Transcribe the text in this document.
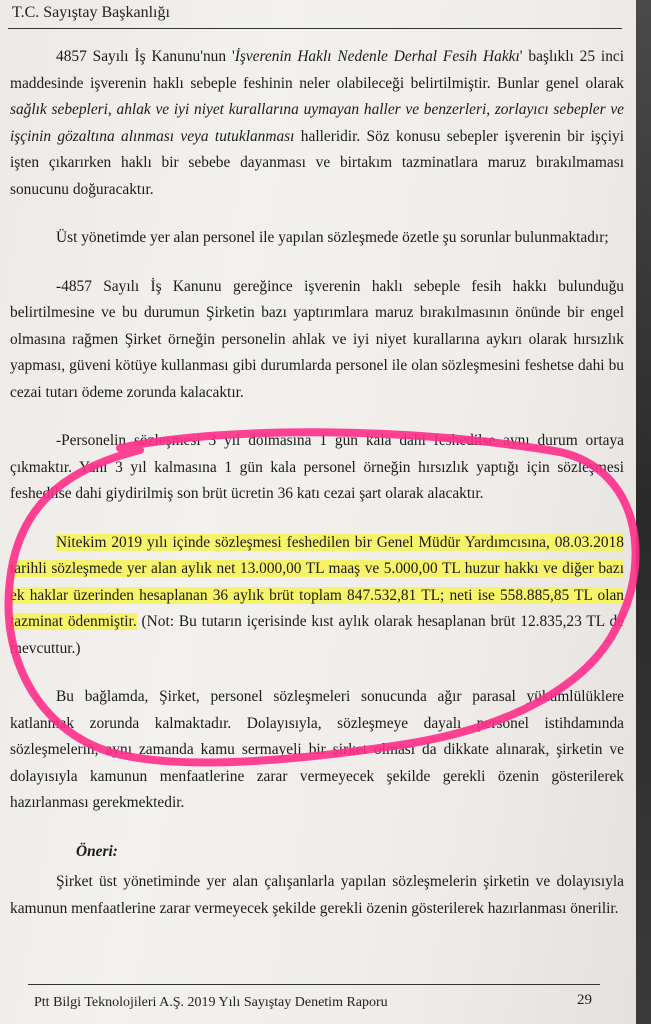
T.C. Sayıştay Başkanlığı

4857 Sayılı İş Kanunu'nun 'İşverenin Haklı Nedenle Derhal Fesih Hakkı' başlıklı 25 inci maddesinde işverenin haklı sebeple feshinin neler olabileceği belirtilmiştir. Bunlar genel olarak sağlık sebepleri, ahlak ve iyi niyet kurallarına uymayan haller ve benzerleri, zorlayıcı sebepler ve işçinin gözaltına alınması veya tutuklanması halleridir. Söz konusu sebepler işverenin bir işçiyi işten çıkarırken haklı bir sebebe dayanması ve birtakım tazminatlara maruz bırakılmaması sonucunu doğuracaktır.

Üst yönetimde yer alan personel ile yapılan sözleşmede özetle şu sorunlar bulunmaktadır;

-4857 Sayılı İş Kanunu gereğince işverenin haklı sebeple fesih hakkı bulunduğu belirtilmesine ve bu durumun Şirketin bazı yaptırımlara maruz bırakılmasının önünde bir engel olmasına rağmen Şirket örneğin personelin ahlak ve iyi niyet kurallarına aykırı olarak hırsızlık yapması, güveni kötüye kullanması gibi durumlarda personel ile olan sözleşmesini feshetse dahi bu cezai tutarı ödeme zorunda kalacaktır.

-Personelin sözleşmesi 3 yıl dolmasına 1 gün kala dahi feshedilse aynı durum ortaya çıkmaktır. Yani 3 yıl kalmasına 1 gün kala personel örneğin hırsızlık yaptığı için sözleşmesi feshedilse dahi giydirilmiş son brüt ücretin 36 katı cezai şart olarak alacaktır.

Nitekim 2019 yılı içinde sözleşmesi feshedilen bir Genel Müdür Yardımcısına, 08.03.2018 tarihli sözleşmede yer alan aylık net 13.000,00 TL maaş ve 5.000,00 TL huzur hakkı ve diğer bazı ek haklar üzerinden hesaplanan 36 aylık brüt toplam 847.532,81 TL; neti ise 558.885,85 TL olan tazminat ödenmiştir. (Not: Bu tutarın içerisinde kıst aylık olarak hesaplanan brüt 12.835,23 TL de mevcuttur.)

Bu bağlamda, Şirket, personel sözleşmeleri sonucunda ağır parasal yükümlülüklere katlanmak zorunda kalmaktadır. Dolayısıyla, sözleşmeye dayalı personel istihdamında sözleşmelerin, aynı zamanda kamu sermayeli bir şirket olması da dikkate alınarak, şirketin ve dolayısıyla kamunun menfaatlerine zarar vermeyecek şekilde gerekli özenin gösterilerek hazırlanması gerekmektedir.

Öneri:

Şirket üst yönetiminde yer alan çalışanlarla yapılan sözleşmelerin şirketin ve dolayısıyla kamunun menfaatlerine zarar vermeyecek şekilde gerekli özenin gösterilerek hazırlanması önerilir.

Ptt Bilgi Teknolojileri A.Ş. 2019 Yılı Sayıştay Denetim Raporu	29
